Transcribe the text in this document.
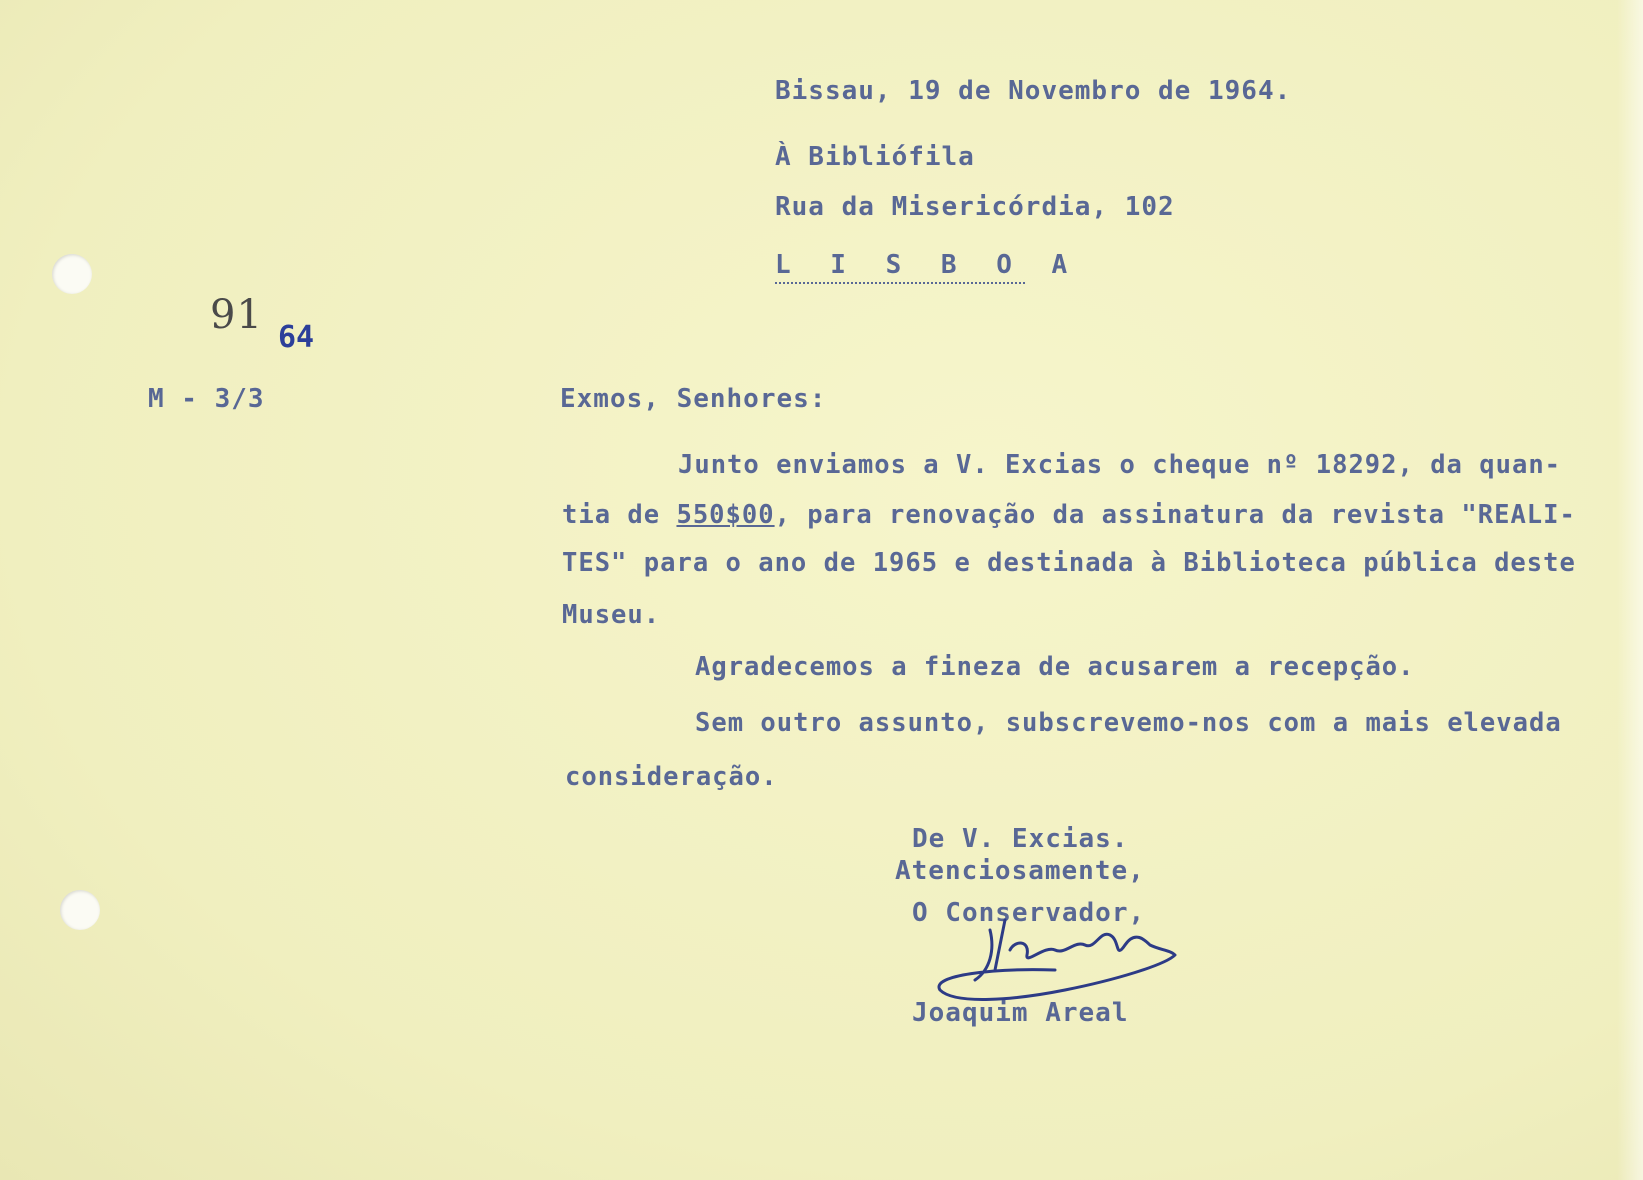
Bissau, 19 de Novembro de 1964.
À Bibliófila
Rua da Misericórdia, 102
L I S B O A
91 64
M - 3/3	Exmos, Senhores:
Junto enviamos a V. Excias o cheque nº 18292, da quan-
tia de 550$00, para renovação da assinatura da revista "REALI-
TES" para o ano de 1965 e destinada à Biblioteca pública deste
Museu.
Agradecemos a fineza de acusarem a recepção.
Sem outro assunto, subscrevemo-nos com a mais elevada
consideração.
De V. Excias.
Atenciosamente,
O Conservador,
Joaquim Areal
